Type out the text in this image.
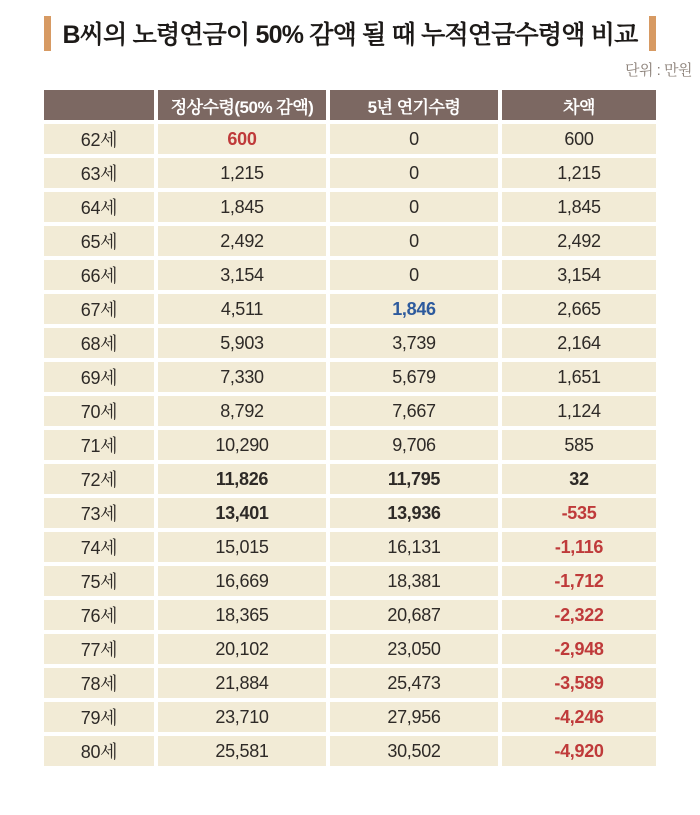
B씨의 노령연금이 50% 감액 될 때 누적연금수령액 비교
단위 : 만원
	정상수령(50% 감액)	5년 연기수령	차액
62세	600	0	600
63세	1,215	0	1,215
64세	1,845	0	1,845
65세	2,492	0	2,492
66세	3,154	0	3,154
67세	4,511	1,846	2,665
68세	5,903	3,739	2,164
69세	7,330	5,679	1,651
70세	8,792	7,667	1,124
71세	10,290	9,706	585
72세	11,826	11,795	32
73세	13,401	13,936	-535
74세	15,015	16,131	-1,116
75세	16,669	18,381	-1,712
76세	18,365	20,687	-2,322
77세	20,102	23,050	-2,948
78세	21,884	25,473	-3,589
79세	23,710	27,956	-4,246
80세	25,581	30,502	-4,920
